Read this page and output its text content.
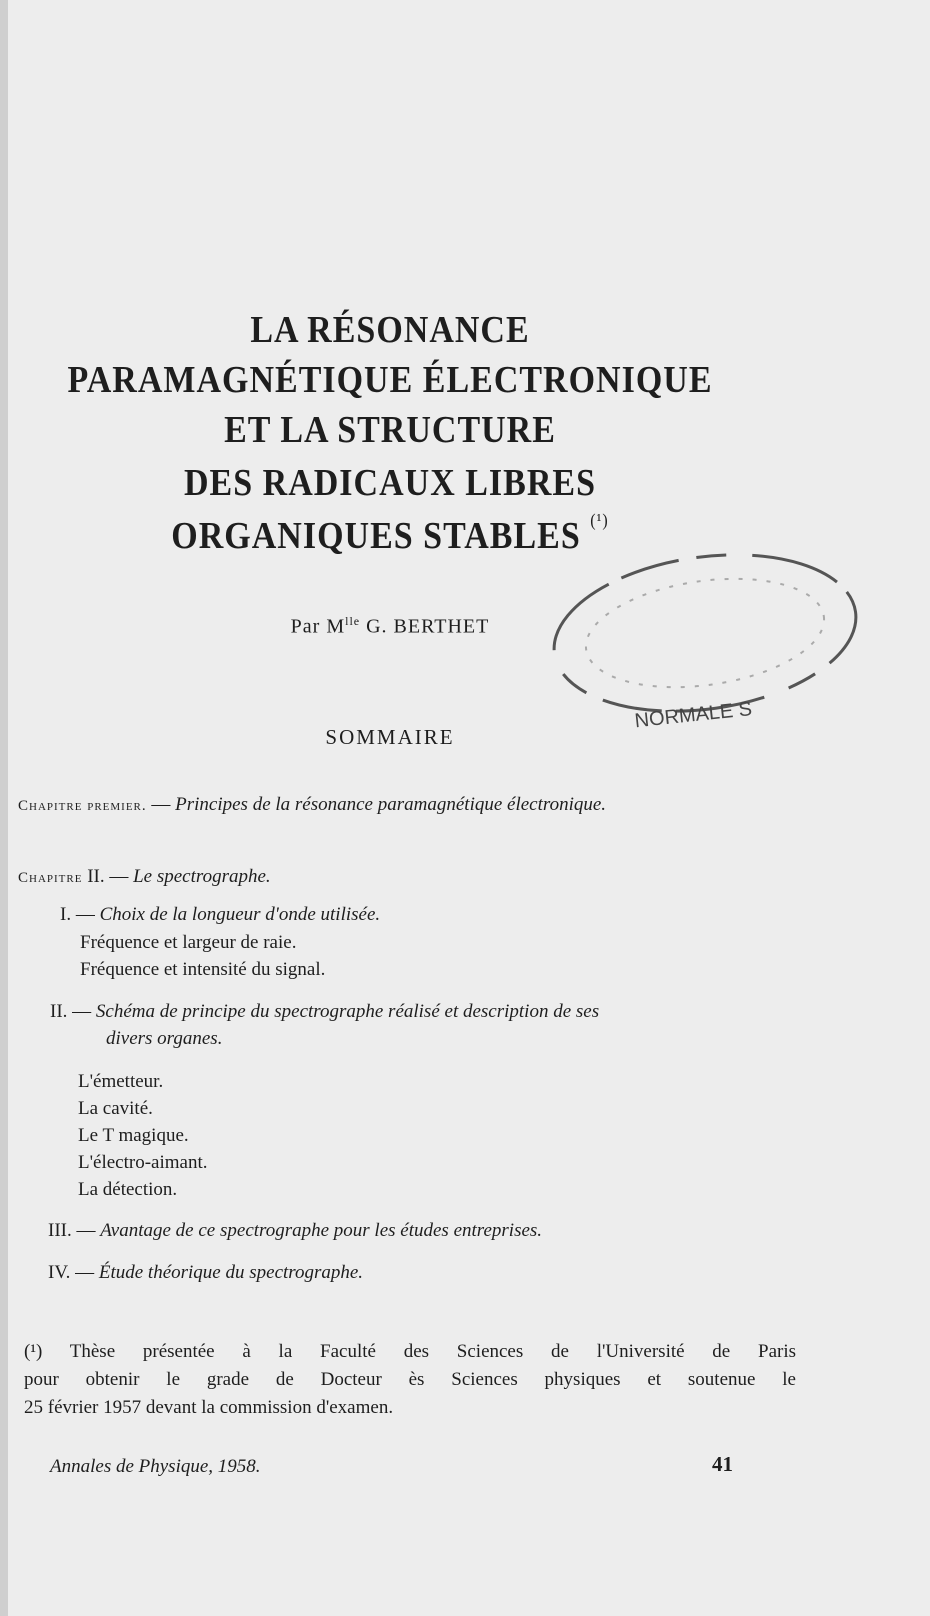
LA RÉSONANCE
PARAMAGNÉTIQUE ÉLECTRONIQUE
ET LA STRUCTURE
DES RADICAUX LIBRES
ORGANIQUES STABLES $^{(^1)}$
Par $M^{lle}$ G. BERTHET
NORMALE S
SOMMAIRE
Chapitre premier. — Principes de la résonance paramagnétique électronique.
Chapitre II. — Le spectrographe.
I. — Choix de la longueur d'onde utilisée.
Fréquence et largeur de raie.
Fréquence et intensité du signal.
II. — Schéma de principe du spectrographe réalisé et description de ses
divers organes.
L'émetteur.
La cavité.
Le T magique.
L'électro-aimant.
La détection.
III. — Avantage de ce spectrographe pour les études entreprises.
IV. — Étude théorique du spectrographe.
(¹) Thèse présentée à la Faculté des Sciences de l'Université de Paris
pour obtenir le grade de Docteur ès Sciences physiques et soutenue le
25 février 1957 devant la commission d'examen.
Annales de Physique, 1958.	41
